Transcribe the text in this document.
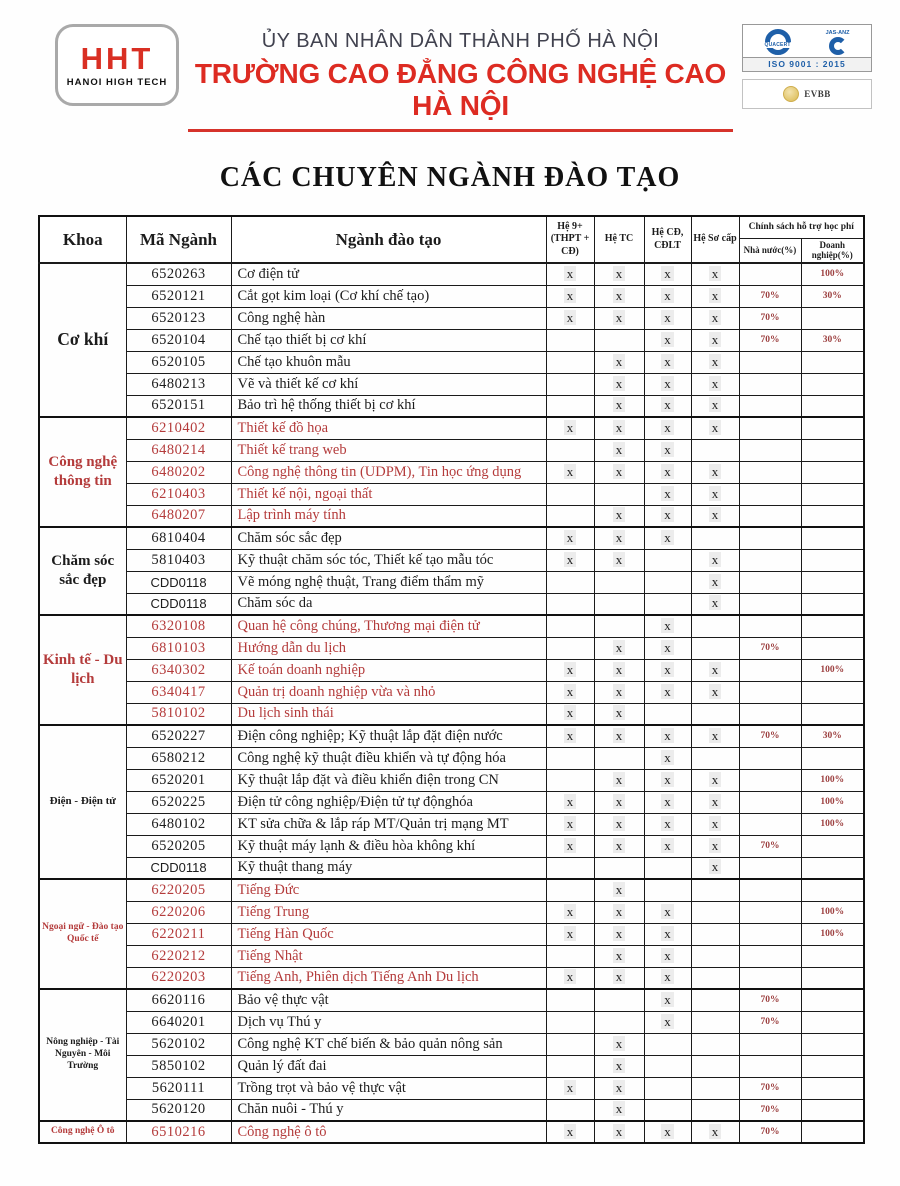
HHT
HANOI HIGH TECH
ỦY BAN NHÂN DÂN THÀNH PHỐ HÀ NỘI
TRƯỜNG CAO ĐẲNG CÔNG NGHỆ CAO HÀ NỘI
QUACERT
JAS-ANZ
ISO 9001 : 2015
EVBB
CÁC CHUYÊN NGÀNH ĐÀO TẠO
Khoa	Mã Ngành	Ngành đào tạo	Hệ 9+ (THPT + CĐ)	Hệ TC	Hệ CĐ, CĐLT	Hệ Sơ cấp	Chính sách hỗ trợ học phí	
							Nhà nước(%)	Doanh nghiệp(%)
Cơ khí	6520263	Cơ điện tử	x	x	x	x		100%
	6520121	Cắt gọt kim loại (Cơ khí chế tạo)	x	x	x	x	70%	30%
	6520123	Công nghệ hàn	x	x	x	x	70%	
	6520104	Chế tạo thiết bị cơ khí			x	x	70%	30%
	6520105	Chế tạo khuôn mẫu		x	x	x		
	6480213	Vẽ và thiết kế cơ khí		x	x	x		
	6520151	Bảo trì hệ thống thiết bị cơ khí		x	x	x		
Công nghệ thông tin	6210402	Thiết kế đồ họa	x	x	x	x		
	6480214	Thiết kế trang web		x	x			
	6480202	Công nghệ thông tin (UDPM), Tin học ứng dụng	x	x	x	x		
	6210403	Thiết kế nội, ngoại thất			x	x		
	6480207	Lập trình máy tính		x	x	x		
Chăm sóc sắc đẹp	6810404	Chăm sóc sắc đẹp	x	x	x			
	5810403	Kỹ thuật chăm sóc tóc, Thiết kế tạo mẫu tóc	x	x		x		
	CDD0118	Vẽ móng nghệ thuật, Trang điểm thẩm mỹ				x		
	CDD0118	Chăm sóc da				x		
Kinh tế - Du lịch	6320108	Quan hệ công chúng, Thương mại điện tử			x			
	6810103	Hướng dẫn du lịch		x	x		70%	
	6340302	Kế toán doanh nghiệp	x	x	x	x		100%
	6340417	Quản trị doanh nghiệp vừa và nhỏ	x	x	x	x		
	5810102	Du lịch sinh thái	x	x				
Điện - Điện tử	6520227	Điện công nghiệp; Kỹ thuật lắp đặt điện nước	x	x	x	x	70%	30%
	6580212	Công nghệ kỹ thuật điều khiển và tự động hóa			x			
	6520201	Kỹ thuật lắp đặt và điều khiển điện trong CN		x	x	x		100%
	6520225	Điện tử công nghiệp/Điện tử tự độnghóa	x	x	x	x		100%
	6480102	KT sửa chữa & lắp ráp MT/Quản trị mạng MT	x	x	x	x		100%
	6520205	Kỹ thuật máy lạnh & điều hòa không khí	x	x	x	x	70%	
	CDD0118	Kỹ thuật thang máy				x		
Ngoại ngữ - Đào tạo Quốc tế	6220205	Tiếng Đức		x				
	6220206	Tiếng Trung	x	x	x			100%
	6220211	Tiếng Hàn Quốc	x	x	x			100%
	6220212	Tiếng Nhật		x	x			
	6220203	Tiếng Anh, Phiên dịch Tiếng Anh Du lịch	x	x	x			
Nông nghiệp - Tài Nguyên - Môi Trường	6620116	Bảo vệ thực vật			x		70%	
	6640201	Dịch vụ Thú y			x		70%	
	5620102	Công nghệ KT chế biến & bảo quản nông sản		x				
	5850102	Quản lý đất đai		x				
	5620111	Trồng trọt và bảo vệ thực vật	x	x			70%	
	5620120	Chăn nuôi - Thú y		x			70%	
Công nghệ Ô tô	6510216	Công nghệ ô tô	x	x	x	x	70%	
